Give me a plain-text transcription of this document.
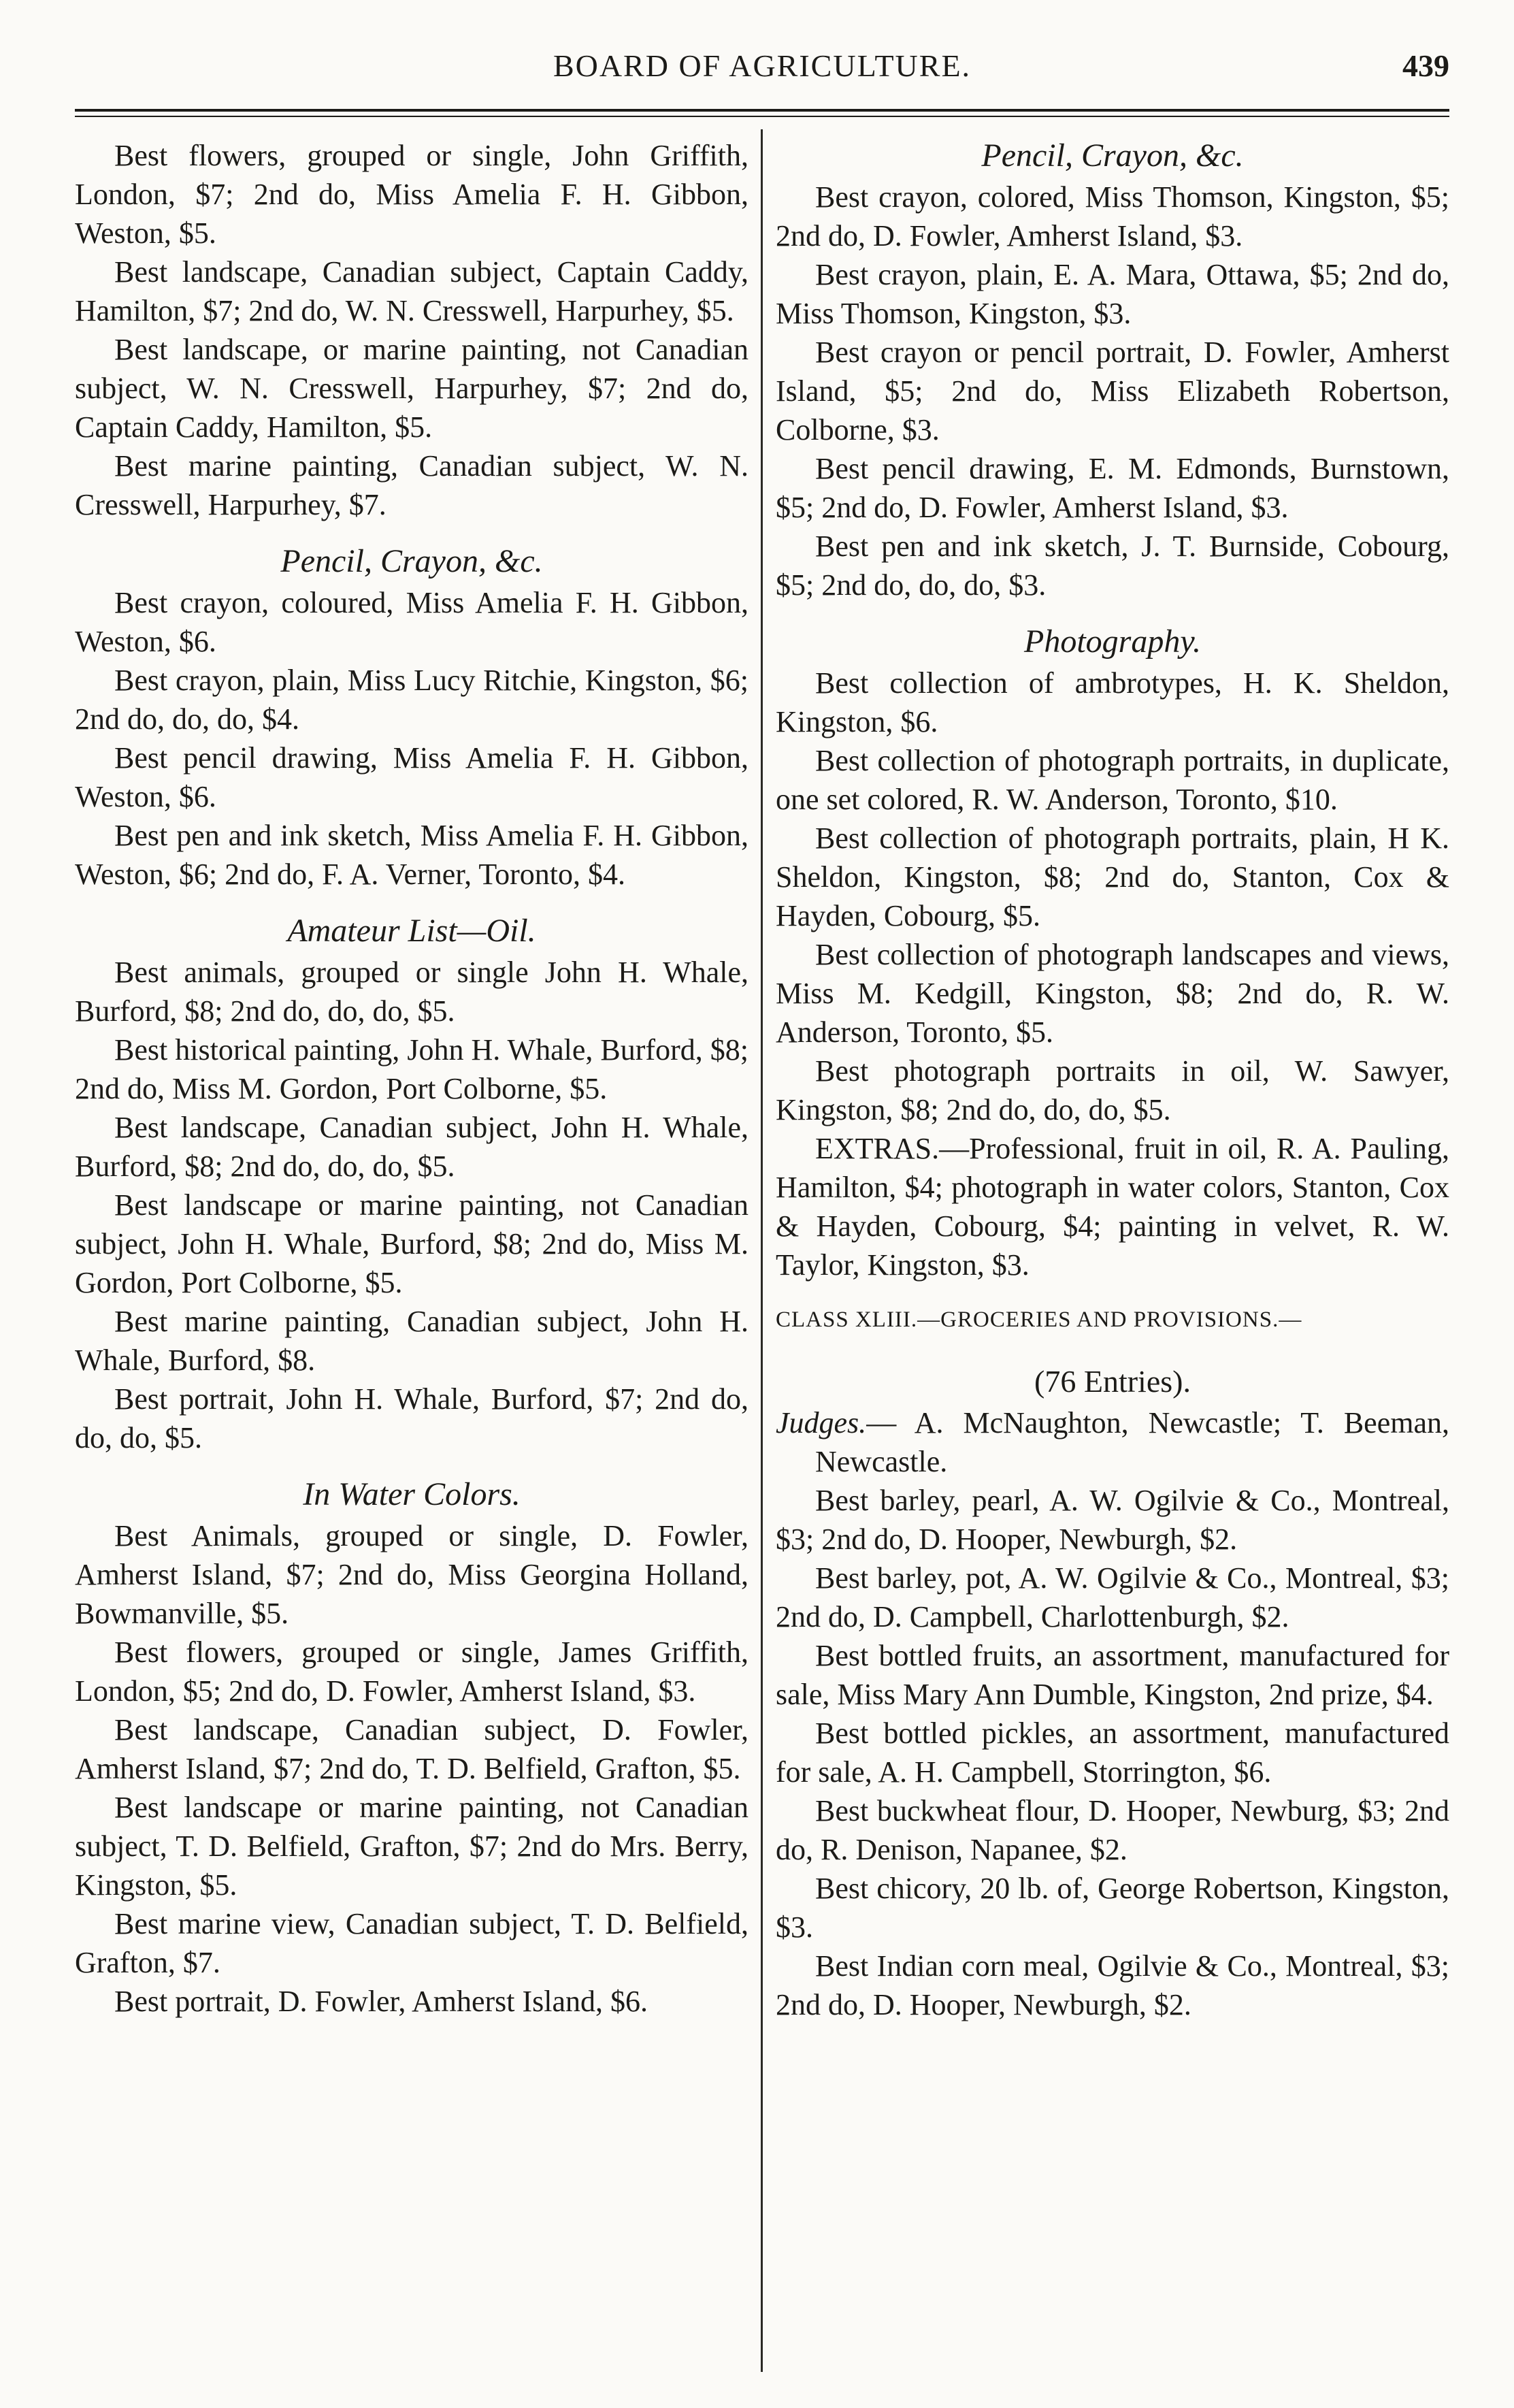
BOARD OF AGRICULTURE.	439

Best flowers, grouped or single, John Griffith, London, $7; 2nd do, Miss Amelia F. H. Gibbon, Weston, $5.

Best landscape, Canadian subject, Captain Caddy, Hamilton, $7; 2nd do, W. N. Cresswell, Harpurhey, $5.

Best landscape, or marine painting, not Canadian subject, W. N. Cresswell, Harpurhey, $7; 2nd do, Captain Caddy, Hamilton, $5.

Best marine painting, Canadian subject, W. N. Cresswell, Harpurhey, $7.

Pencil, Crayon, &c.

Best crayon, coloured, Miss Amelia F. H. Gibbon, Weston, $6.

Best crayon, plain, Miss Lucy Ritchie, Kingston, $6; 2nd do, do, do, $4.

Best pencil drawing, Miss Amelia F. H. Gibbon, Weston, $6.

Best pen and ink sketch, Miss Amelia F. H. Gibbon, Weston, $6; 2nd do, F. A. Verner, Toronto, $4.

Amateur List—Oil.

Best animals, grouped or single John H. Whale, Burford, $8; 2nd do, do, do, $5.

Best historical painting, John H. Whale, Burford, $8; 2nd do, Miss M. Gordon, Port Colborne, $5.

Best landscape, Canadian subject, John H. Whale, Burford, $8; 2nd do, do, do, $5.

Best landscape or marine painting, not Canadian subject, John H. Whale, Burford, $8; 2nd do, Miss M. Gordon, Port Colborne, $5.

Best marine painting, Canadian subject, John H. Whale, Burford, $8.

Best portrait, John H. Whale, Burford, $7; 2nd do, do, do, $5.

In Water Colors.

Best Animals, grouped or single, D. Fowler, Amherst Island, $7; 2nd do, Miss Georgina Holland, Bowmanville, $5.

Best flowers, grouped or single, James Griffith, London, $5; 2nd do, D. Fowler, Amherst Island, $3.

Best landscape, Canadian subject, D. Fowler, Amherst Island, $7; 2nd do, T. D. Belfield, Grafton, $5.

Best landscape or marine painting, not Canadian subject, T. D. Belfield, Grafton, $7; 2nd do Mrs. Berry, Kingston, $5.

Best marine view, Canadian subject, T. D. Belfield, Grafton, $7.

Best portrait, D. Fowler, Amherst Island, $6.

Pencil, Crayon, &c.

Best crayon, colored, Miss Thomson, Kingston, $5; 2nd do, D. Fowler, Amherst Island, $3.

Best crayon, plain, E. A. Mara, Ottawa, $5; 2nd do, Miss Thomson, Kingston, $3.

Best crayon or pencil portrait, D. Fowler, Amherst Island, $5; 2nd do, Miss Elizabeth Robertson, Colborne, $3.

Best pencil drawing, E. M. Edmonds, Burnstown, $5; 2nd do, D. Fowler, Amherst Island, $3.

Best pen and ink sketch, J. T. Burnside, Cobourg, $5; 2nd do, do, do, $3.

Photography.

Best collection of ambrotypes, H. K. Sheldon, Kingston, $6.

Best collection of photograph portraits, in duplicate, one set colored, R. W. Anderson, Toronto, $10.

Best collection of photograph portraits, plain, H K. Sheldon, Kingston, $8; 2nd do, Stanton, Cox & Hayden, Cobourg, $5.

Best collection of photograph landscapes and views, Miss M. Kedgill, Kingston, $8; 2nd do, R. W. Anderson, Toronto, $5.

Best photograph portraits in oil, W. Sawyer, Kingston, $8; 2nd do, do, do, $5.

EXTRAS.—Professional, fruit in oil, R. A. Pauling, Hamilton, $4; photograph in water colors, Stanton, Cox & Hayden, Cobourg, $4; painting in velvet, R. W. Taylor, Kingston, $3.

CLASS XLIII.—GROCERIES AND PROVISIONS.—

(76 Entries).

Judges.— A. McNaughton, Newcastle; T. Beeman, Newcastle.

Best barley, pearl, A. W. Ogilvie & Co., Montreal, $3; 2nd do, D. Hooper, Newburgh, $2.

Best barley, pot, A. W. Ogilvie & Co., Montreal, $3; 2nd do, D. Campbell, Charlottenburgh, $2.

Best bottled fruits, an assortment, manufactured for sale, Miss Mary Ann Dumble, Kingston, 2nd prize, $4.

Best bottled pickles, an assortment, manufactured for sale, A. H. Campbell, Storrington, $6.

Best buckwheat flour, D. Hooper, Newburg, $3; 2nd do, R. Denison, Napanee, $2.

Best chicory, 20 lb. of, George Robertson, Kingston, $3.

Best Indian corn meal, Ogilvie & Co., Montreal, $3; 2nd do, D. Hooper, Newburgh, $2.
